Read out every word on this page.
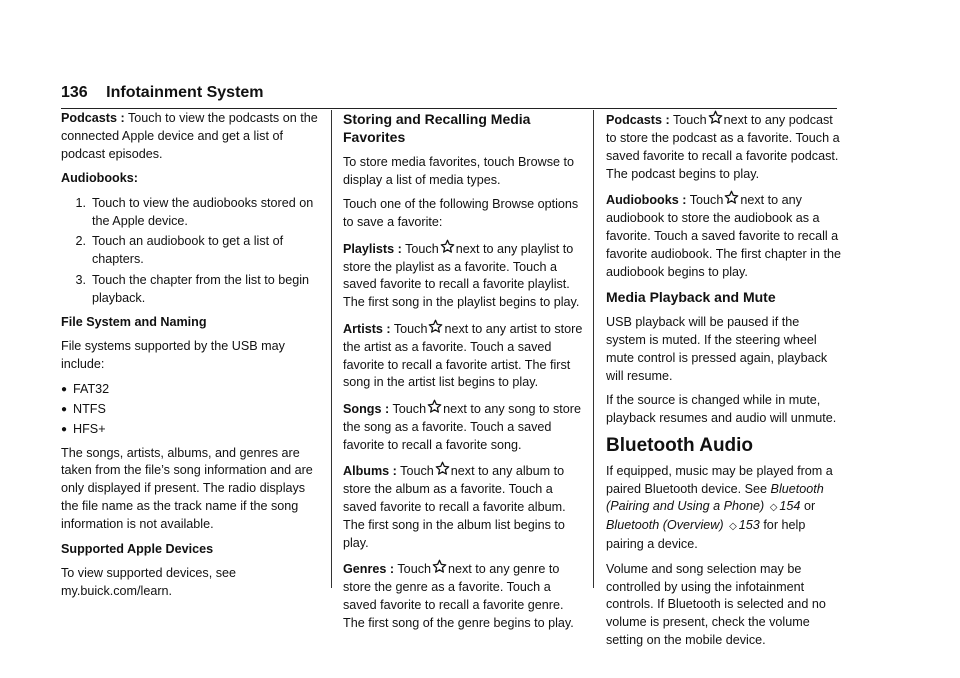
136 Infotainment System

Podcasts : Touch to view the podcasts on the connected Apple device and get a list of podcast episodes.

Audiobooks:

1. Touch to view the audiobooks stored on the Apple device.
2. Touch an audiobook to get a list of chapters.
3. Touch the chapter from the list to begin playback.

File System and Naming

File systems supported by the USB may include:

● FAT32
● NTFS
● HFS+

The songs, artists, albums, and genres are taken from the file’s song information and are only displayed if present. The radio displays the file name as the track name if the song information is not available.

Supported Apple Devices

To view supported devices, see my.buick.com/learn.

Storing and Recalling Media Favorites

To store media favorites, touch Browse to display a list of media types.

Touch one of the following Browse options to save a favorite:

Playlists : Touch next to any playlist to store the playlist as a favorite. Touch a saved favorite to recall a favorite playlist. The first song in the playlist begins to play.

Artists : Touch next to any artist to store the artist as a favorite. Touch a saved favorite to recall a favorite artist. The first song in the artist list begins to play.

Songs : Touch next to any song to store the song as a favorite. Touch a saved favorite to recall a favorite song.

Albums : Touch next to any album to store the album as a favorite. Touch a saved favorite to recall a favorite album. The first song in the album list begins to play.

Genres : Touch next to any genre to store the genre as a favorite. Touch a saved favorite to recall a favorite genre. The first song of the genre begins to play.

Podcasts : Touch next to any podcast to store the podcast as a favorite. Touch a saved favorite to recall a favorite podcast. The podcast begins to play.

Audiobooks : Touch next to any audiobook to store the audiobook as a favorite. Touch a saved favorite to recall a favorite audiobook. The first chapter in the audiobook begins to play.

Media Playback and Mute

USB playback will be paused if the system is muted. If the steering wheel mute control is pressed again, playback will resume.

If the source is changed while in mute, playback resumes and audio will unmute.

Bluetooth Audio

If equipped, music may be played from a paired Bluetooth device. See Bluetooth (Pairing and Using a Phone) ◇ 154 or Bluetooth (Overview) ◇ 153 for help pairing a device.

Volume and song selection may be controlled by using the infotainment controls. If Bluetooth is selected and no volume is present, check the volume setting on the mobile device.
